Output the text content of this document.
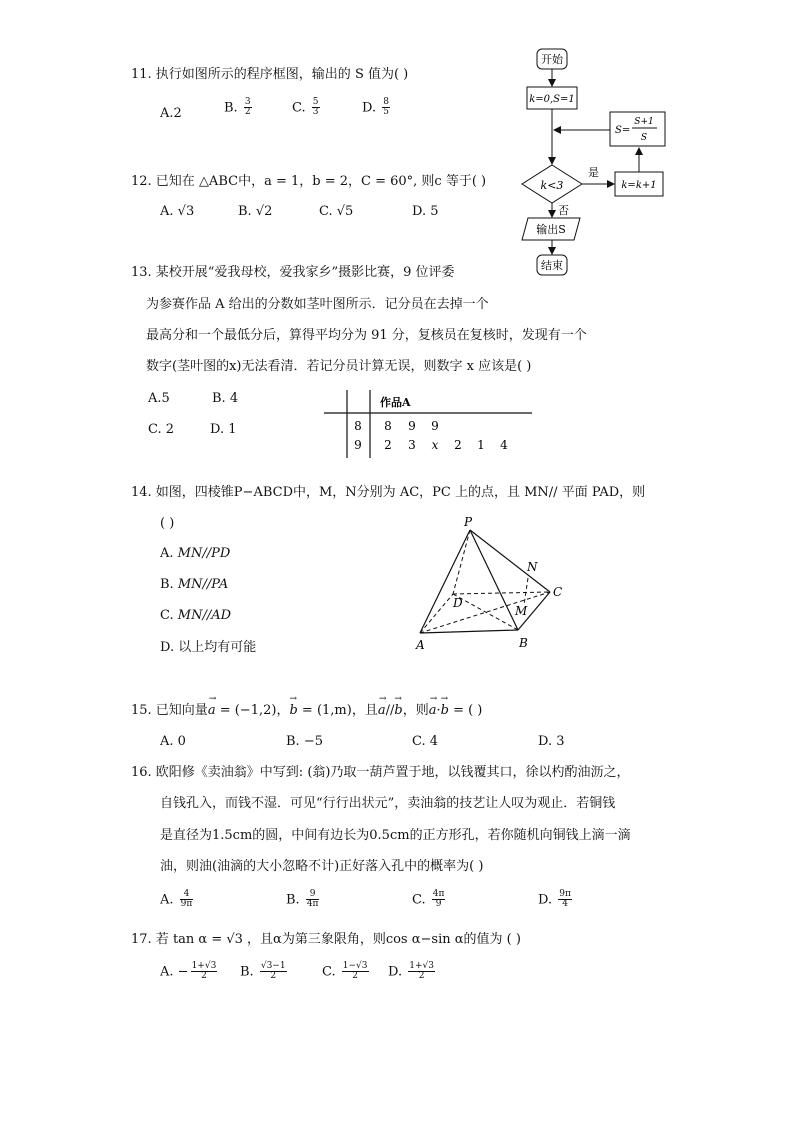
11. 执行如图所示的程序框图，输出的 S 值为( )
A.2	B. $\frac{3}{2}$	C. $\frac{5}{3}$	D. $\frac{8}{5}$
开始
k=0,S=1
S=
S+1
S
k<3
是
k=k+1
否
输出S
结束
12. 已知在 △ABC中，a = 1，b = 2，C = 60°, 则c 等于( )
A. √3	B. √2	C. √5	D. 5
13. 某校开展“爱我母校，爱我家乡”摄影比赛，9 位评委
为参赛作品 A 给出的分数如茎叶图所示．记分员在去掉一个
最高分和一个最低分后，算得平均分为 91 分，复核员在复核时，发现有一个
数字(茎叶图的x)无法看清．若记分员计算无误，则数字 x 应该是( )
A.5	B. 4
C. 2	D. 1
作品A
8 8 9 9
9 2 3 x 2 1 4
14. 如图，四棱锥P−ABCD中，M，N分别为 AC，PC 上的点，且 MN// 平面 PAD，则
( )
A. MN//PD
B. MN//PA
C. MN//AD
D. 以上均有可能
P
A	B
C
D
M
N
15. 已知向量
→
a = (−1,2)，
→
b = (1,m)，且
→
a//
→
b，则
→
a·
→
b = ( )
A. 0	B. −5	C. 4	D. 3
16. 欧阳修《卖油翁》中写到: (翁)乃取一葫芦置于地，以钱覆其口，徐以杓酌油沥之，
自钱孔入，而钱不湿．可见“行行出状元”，卖油翁的技艺让人叹为观止．若铜钱
是直径为1.5cm的圆，中间有边长为0.5cm的正方形孔，若你随机向铜钱上滴一滴
油，则油(油滴的大小忽略不计)正好落入孔中的概率为( )
A. $\frac{4}{9\pi}$	B. $\frac{9}{4\pi}$	C. $\frac{4\pi}{9}$	D. $\frac{9\pi}{4}$
17. 若 tan α = √3 ，且α为第三象限角，则cos α−sin α的值为 ( )
A. − $\frac{1+√3}{2} B$. $\frac{√3-1}{2}$	C. $\frac{1-√3}{2} D$. $\frac{1+√3}{2}$
